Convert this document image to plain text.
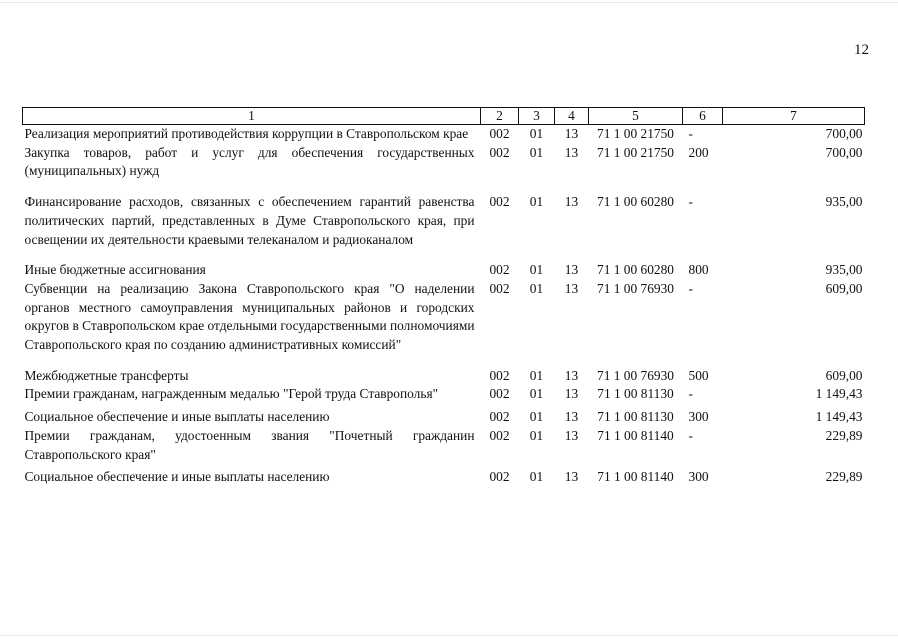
12
1	2	3	4	5	6	7
Реализация мероприятий противодействия коррупции в Ставропольском крае	002	01	13	71 1 00 21750	-	700,00
Закупка товаров, работ и услуг для обеспечения государственных (муниципальных) нужд	002	01	13	71 1 00 21750	200	700,00
Финансирование расходов, связанных с обеспечением гарантий равенства политических партий, представленных в Думе Ставропольского края, при освещении их деятельности краевыми телеканалом и радиоканалом	002	01	13	71 1 00 60280	-	935,00
Иные бюджетные ассигнования	002	01	13	71 1 00 60280	800	935,00
Субвенции на реализацию Закона Ставропольского края "О наделении органов местного самоуправления муниципальных районов и городских округов в Ставропольском крае отдельными государственными полномочиями Ставропольского края по созданию административных комиссий"	002	01	13	71 1 00 76930	-	609,00
Межбюджетные трансферты	002	01	13	71 1 00 76930	500	609,00
Премии гражданам, награжденным медалью "Герой труда Ставрополья"	002	01	13	71 1 00 81130	-	1 149,43
Социальное обеспечение и иные выплаты населению	002	01	13	71 1 00 81130	300	1 149,43
Премии гражданам, удостоенным звания "Почетный гражданин Ставропольского края"	002	01	13	71 1 00 81140	-	229,89
Социальное обеспечение и иные выплаты населению	002	01	13	71 1 00 81140	300	229,89
